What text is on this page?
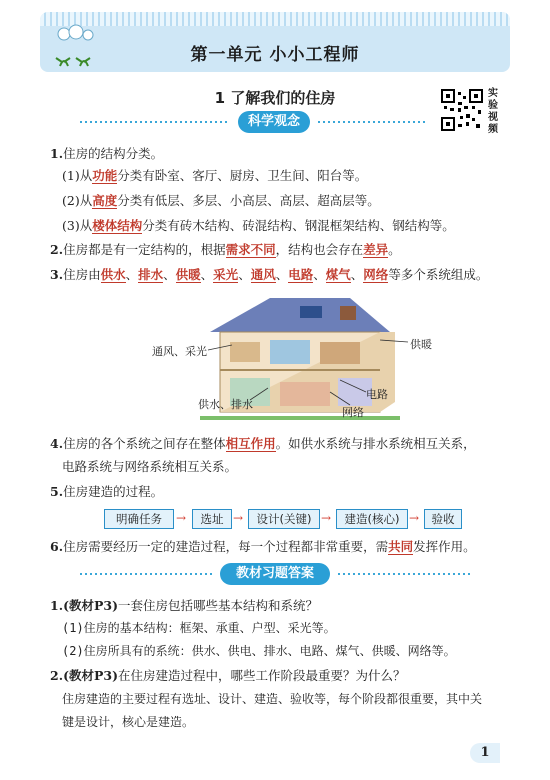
第一单元 小小工程师
1 了解我们的住房	实
验
视
频
科学观念
1.住房的结构分类。
(1)从功能分类有卧室、客厅、厨房、卫生间、阳台等。
(2)从高度分类有低层、多层、小高层、高层、超高层等。
(3)从楼体结构分类有砖木结构、砖混结构、钢混框架结构、钢结构等。
2.住房都是有一定结构的，根据需求不同，结构也会存在差异。
3.住房由供水、排水、供暖、采光、通风、电路、煤气、网络等多个系统组成。
通风、采光
供暖
供水、排水
电路
网络
4.住房的各个系统之间存在整体相互作用。如供水系统与排水系统相互关系，
电路系统与网络系统相互关系。
5.住房建造的过程。
明确任务	→	选址 →	设计(关键) →	建造(核心) →	验收
6.住房需要经历一定的建造过程，每一个过程都非常重要，需共同发挥作用。
教材习题答案
1.(教材P3)一套住房包括哪些基本结构和系统？
(1)住房的基本结构：框架、承重、户型、采光等。
(2)住房所具有的系统：供水、供电、排水、电路、煤气、供暖、网络等。
2.(教材P3)在住房建造过程中，哪些工作阶段最重要？为什么？
住房建造的主要过程有选址、设计、建造、验收等，每个阶段都很重要，其中关
键是设计，核心是建造。
1
